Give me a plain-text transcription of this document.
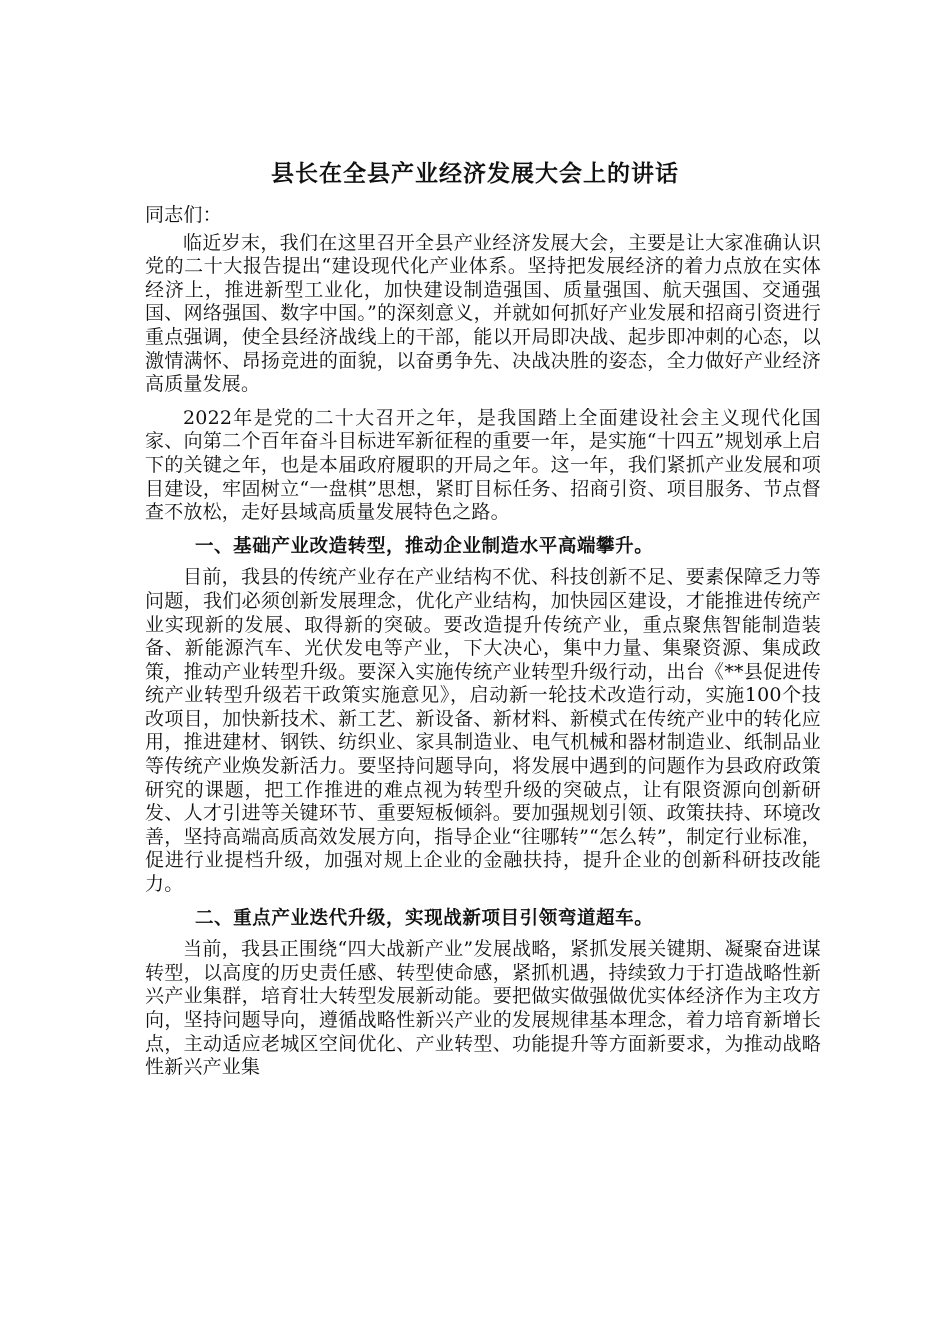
县长在全县产业经济发展大会上的讲话

同志们：

临近岁末，我们在这里召开全县产业经济发展大会，主要是让大家准确认识党的二十大报告提出“建设现代化产业体系。坚持把发展经济的着力点放在实体经济上，推进新型工业化，加快建设制造强国、质量强国、航天强国、交通强国、网络强国、数字中国。”的深刻意义，并就如何抓好产业发展和招商引资进行重点强调，使全县经济战线上的干部，能以开局即决战、起步即冲刺的心态，以激情满怀、昂扬竞进的面貌，以奋勇争先、决战决胜的姿态，全力做好产业经济高质量发展。

2022年是党的二十大召开之年，是我国踏上全面建设社会主义现代化国家、向第二个百年奋斗目标进军新征程的重要一年，是实施“十四五”规划承上启下的关键之年，也是本届政府履职的开局之年。这一年，我们紧抓产业发展和项目建设，牢固树立“一盘棋”思想，紧盯目标任务、招商引资、项目服务、节点督查不放松，走好县域高质量发展特色之路。

一、基础产业改造转型，推动企业制造水平高端攀升。

目前，我县的传统产业存在产业结构不优、科技创新不足、要素保障乏力等问题，我们必须创新发展理念，优化产业结构，加快园区建设，才能推进传统产业实现新的发展、取得新的突破。要改造提升传统产业，重点聚焦智能制造装备、新能源汽车、光伏发电等产业，下大决心，集中力量、集聚资源、集成政策，推动产业转型升级。要深入实施传统产业转型升级行动，出台《**县促进传统产业转型升级若干政策实施意见》，启动新一轮技术改造行动，实施100个技改项目，加快新技术、新工艺、新设备、新材料、新模式在传统产业中的转化应用，推进建材、钢铁、纺织业、家具制造业、电气机械和器材制造业、纸制品业等传统产业焕发新活力。要坚持问题导向，将发展中遇到的问题作为县政府政策研究的课题，把工作推进的难点视为转型升级的突破点，让有限资源向创新研发、人才引进等关键环节、重要短板倾斜。要加强规划引领、政策扶持、环境改善，坚持高端高质高效发展方向，指导企业“往哪转”“怎么转”，制定行业标准，促进行业提档升级，加强对规上企业的金融扶持，提升企业的创新科研技改能力。

二、重点产业迭代升级，实现战新项目引领弯道超车。

当前，我县正围绕“四大战新产业”发展战略，紧抓发展关键期、凝聚奋进谋转型，以高度的历史责任感、转型使命感，紧抓机遇，持续致力于打造战略性新兴产业集群，培育壮大转型发展新动能。要把做实做强做优实体经济作为主攻方向，坚持问题导向，遵循战略性新兴产业的发展规律基本理念，着力培育新增长点，主动适应老城区空间优化、产业转型、功能提升等方面新要求，为推动战略性新兴产业集
